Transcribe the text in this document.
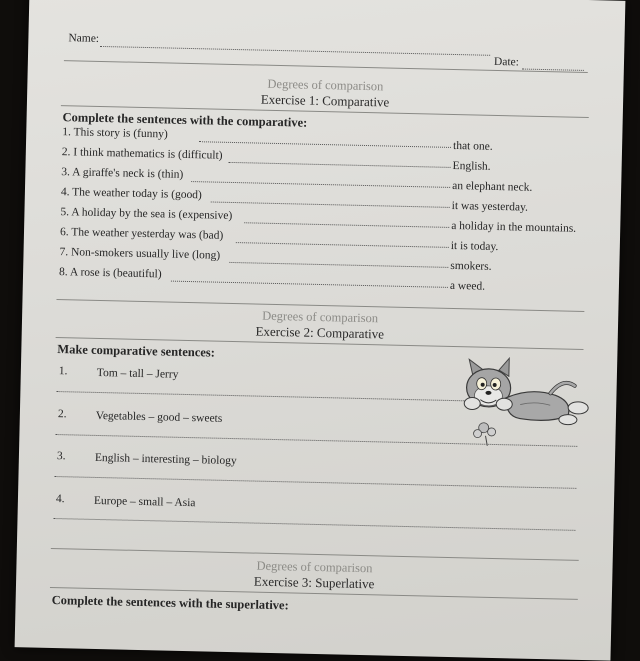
Name:
Date:
Degrees of comparison
Exercise 1: Comparative
Complete the sentences with the comparative:
1. This story is (funny)
that one.
2. I think mathematics is (difficult)
English.
3. A giraffe's neck is (thin)
an elephant neck.
4. The weather today is (good)
it was yesterday.
5. A holiday by the sea is (expensive)
a holiday in the mountains.
6. The weather yesterday was (bad)
it is today.
7. Non-smokers usually live (long)
smokers.
8. A rose is (beautiful)
a weed.
Degrees of comparison
Exercise 2: Comparative
Make comparative sentences:
1.	Tom – tall – Jerry
2.	Vegetables – good – sweets
3.	English – interesting – biology
4.	Europe – small – Asia
Degrees of comparison
Exercise 3: Superlative
Complete the sentences with the superlative:
